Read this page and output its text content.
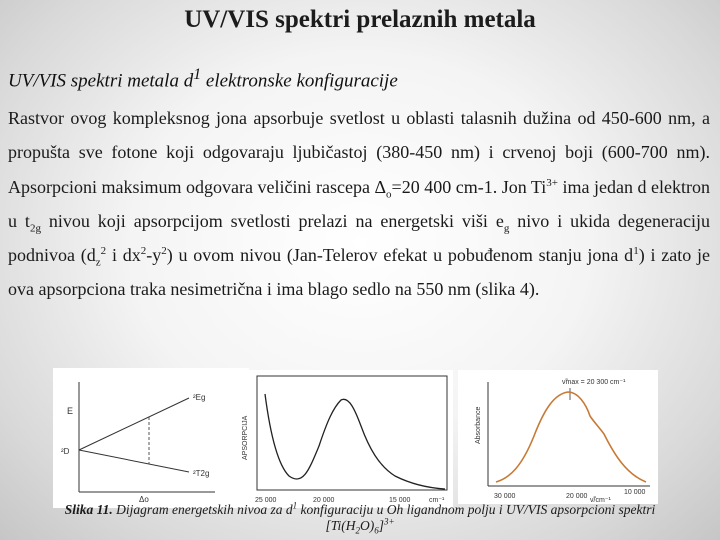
UV/VIS spektri prelaznih metala
UV/VIS spektri metala $d^1$ elektronske konfiguracije
Rastvor ovog kompleksnog jona apsorbuje svetlost u oblasti talasnih dužina od 450-600 nm, a propušta sve fotone koji odgovaraju ljubičastoj (380-450 nm) i crvenoj boji (600-700 nm). Apsorpcioni maksimum odgovara veličini rascepa $\Delta_o=20$ 400 cm-1. Jon $Ti^{3+}$ ima jedan d elektron u $t_{2g}$ nivou koji apsorpcijom svetlosti prelazi na energetski viši $e_g$ nivo i ukida degeneraciju podnivoa ($d_z^2$ i $dx^2-y^2$) u ovom nivou (Jan-Telerov efekat u pobuđenom stanju jona $d^1$) i zato je ova apsorpciona traka nesimetrična i ima blago sedlo na 550 nm (slika 4).
E
²D
²Eg
²T2g
Δo
APSORPCIJA
25 000	20 000	15 000	cm⁻¹
Absorbance
ν̃max = 20 300 cm⁻¹
30 000	20 000
10 000
ν̃/cm⁻¹
Slika 11. Dijagram energetskih nivoa za $d^1$ konfiguraciju u Oh ligandnom polju i UV/VIS apsorpcioni spektri
$[Ti(H_2O)_6]^{3+}$
